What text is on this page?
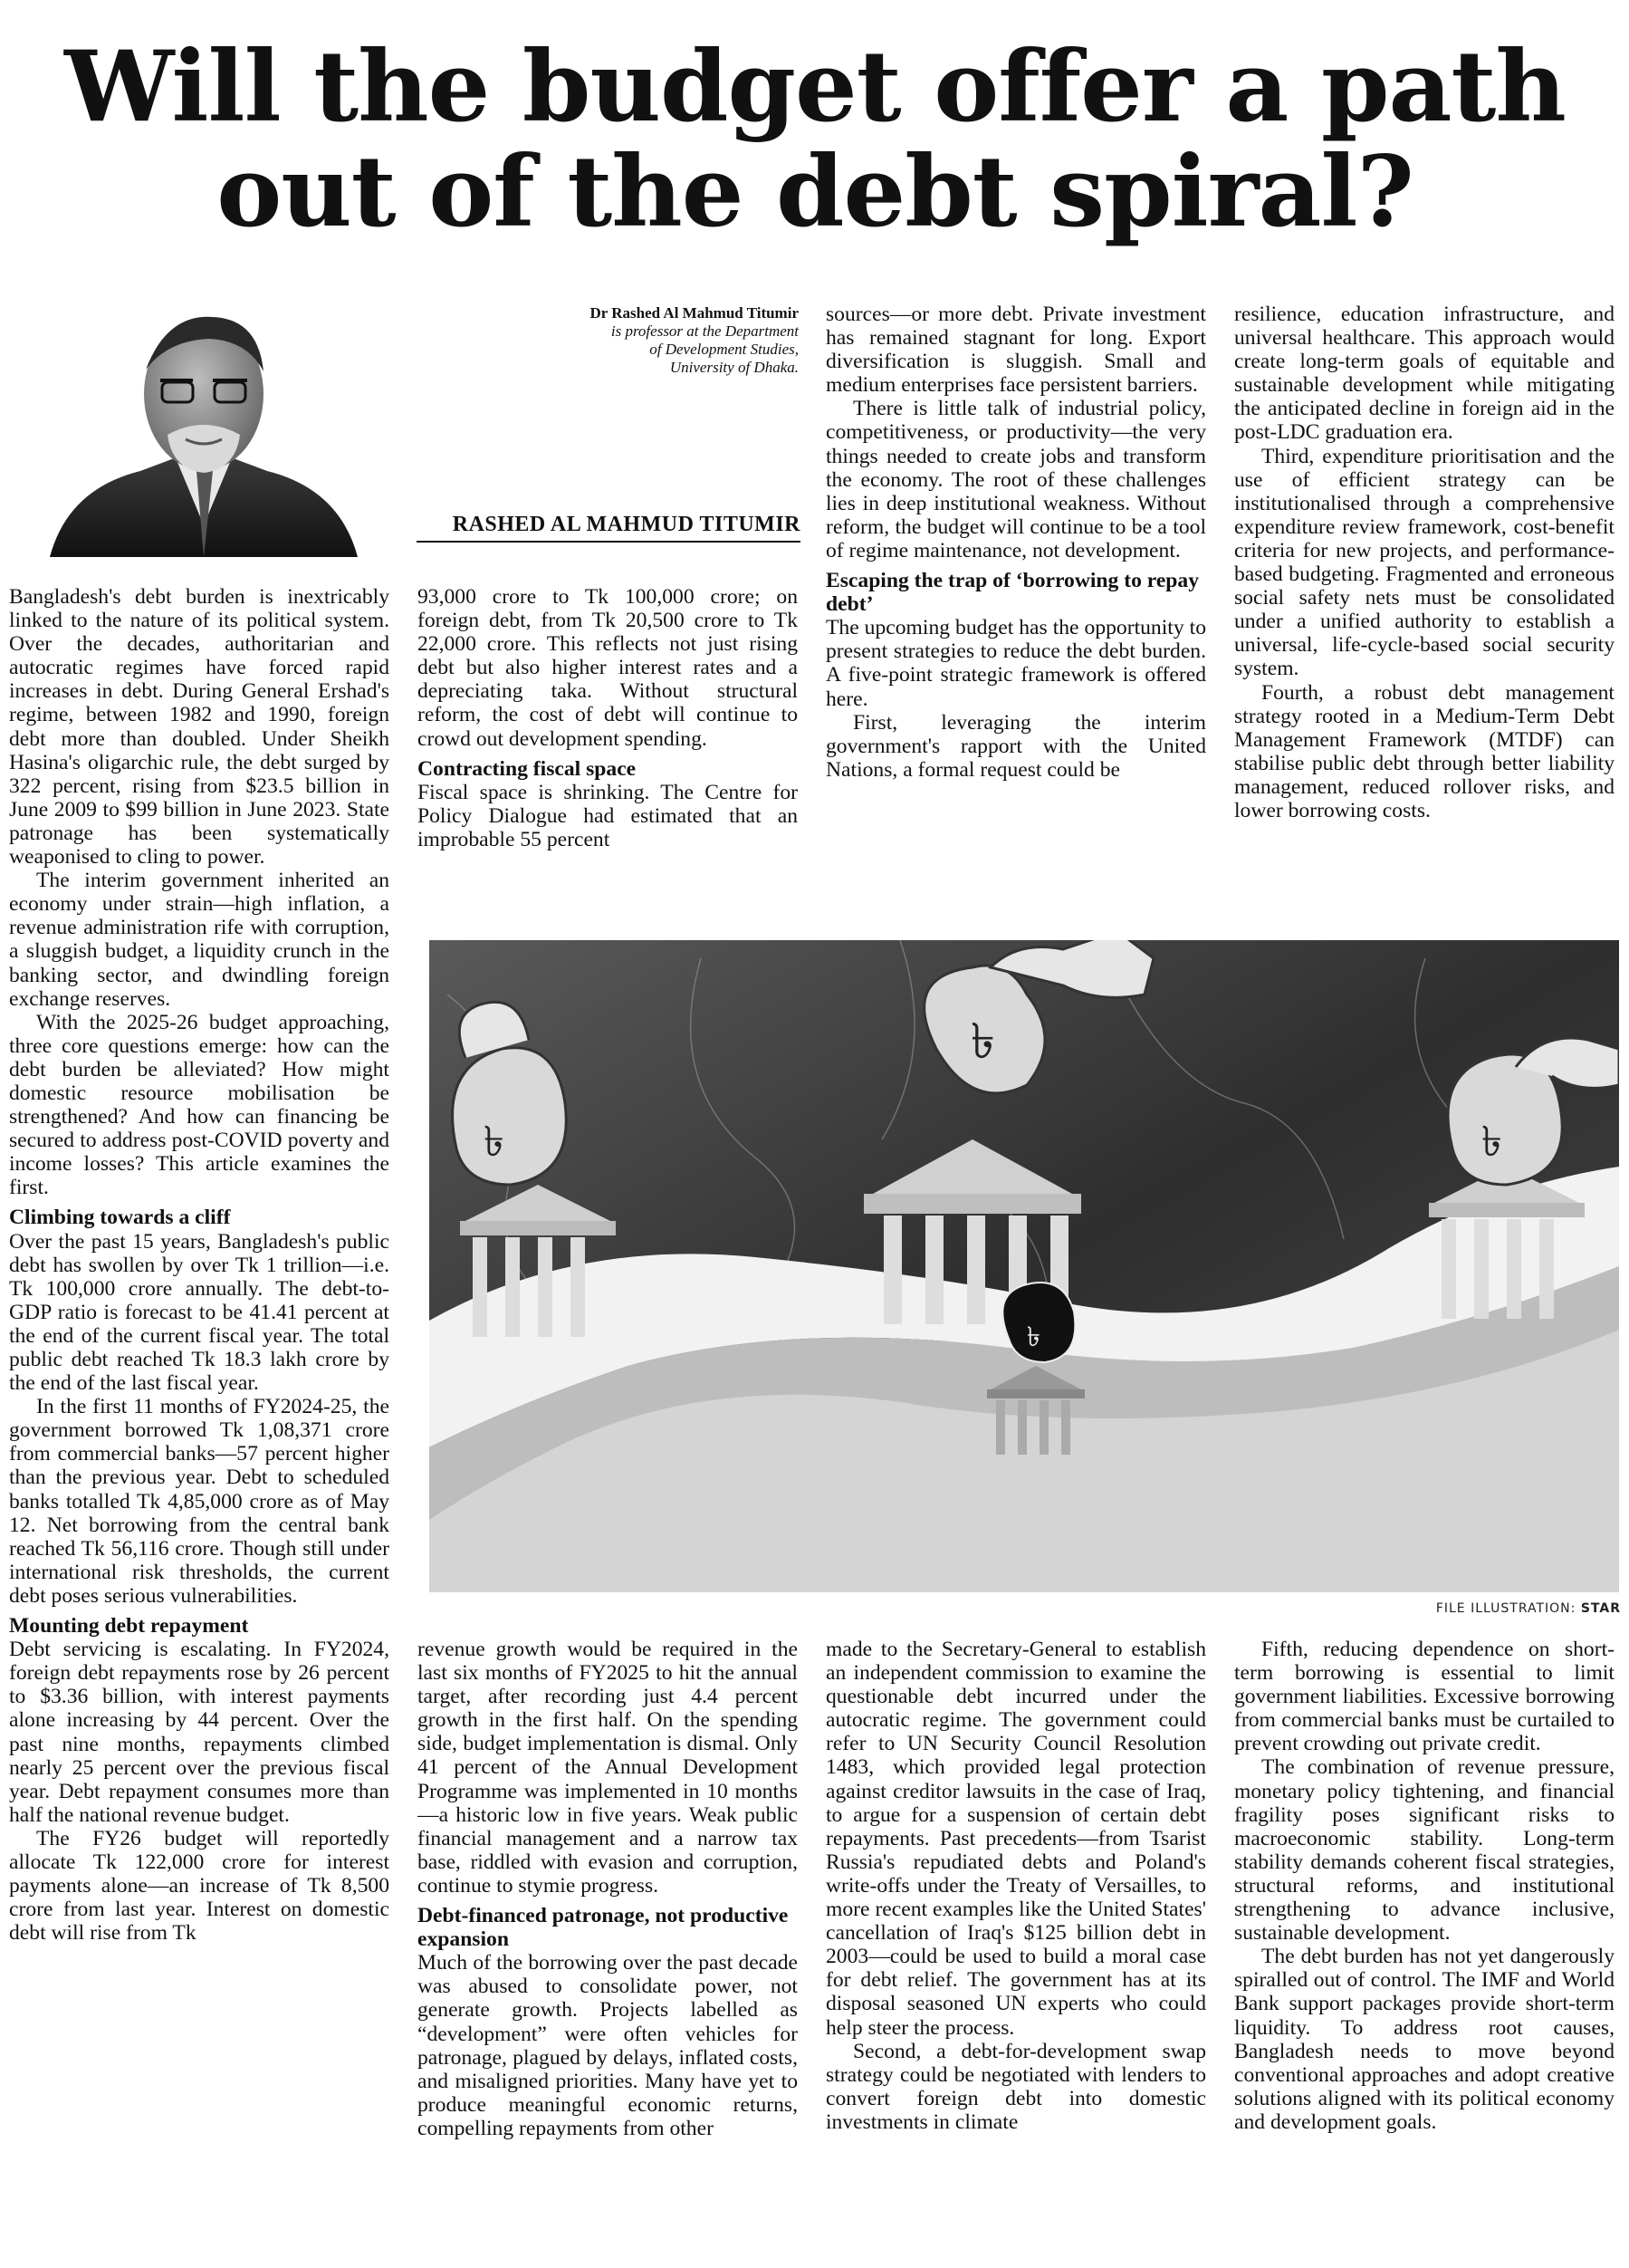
Will the budget offer a path out of the debt spiral?
Dr Rashed Al Mahmud Titumir
is professor at the Department
of Development Studies,
University of Dhaka.
RASHED AL MAHMUD TITUMIR

Bangladesh's debt burden is inextricably linked to the nature of its political system. Over the decades, authoritarian and autocratic regimes have forced rapid increases in debt. During General Ershad's regime, between 1982 and 1990, foreign debt more than doubled. Under Sheikh Hasina's oligarchic rule, the debt surged by 322 percent, rising from $23.5 billion in June 2009 to $99 billion in June 2023. State patronage has been systematically weaponised to cling to power.

The interim government inherited an economy under strain—high inflation, a revenue administration rife with corruption, a sluggish budget, a liquidity crunch in the banking sector, and dwindling foreign exchange reserves.

With the 2025-26 budget approaching, three core questions emerge: how can the debt burden be alleviated? How might domestic resource mobilisation be strengthened? And how can financing be secured to address post-COVID poverty and income losses? This article examines the first.

Climbing towards a cliff

Over the past 15 years, Bangladesh's public debt has swollen by over Tk 1 trillion—i.e. Tk 100,000 crore annually. The debt-to-GDP ratio is forecast to be 41.41 percent at the end of the current fiscal year. The total public debt reached Tk 18.3 lakh crore by the end of the last fiscal year.

In the first 11 months of FY2024-25, the government borrowed Tk 1,08,371 crore from commercial banks—57 percent higher than the previous year. Debt to scheduled banks totalled Tk 4,85,000 crore as of May 12. Net borrowing from the central bank reached Tk 56,116 crore. Though still under international risk thresholds, the current debt poses serious vulnerabilities.

Mounting debt repayment

Debt servicing is escalating. In FY2024, foreign debt repayments rose by 26 percent to $3.36 billion, with interest payments alone increasing by 44 percent. Over the past nine months, repayments climbed nearly 25 percent over the previous fiscal year. Debt repayment consumes more than half the national revenue budget.

The FY26 budget will reportedly allocate Tk 122,000 crore for interest payments alone—an increase of Tk 8,500 crore from last year. Interest on domestic debt will rise from Tk

93,000 crore to Tk 100,000 crore; on foreign debt, from Tk 20,500 crore to Tk 22,000 crore. This reflects not just rising debt but also higher interest rates and a depreciating taka. Without structural reform, the cost of debt will continue to crowd out development spending.

Contracting fiscal space

Fiscal space is shrinking. The Centre for Policy Dialogue had estimated that an improbable 55 percent

sources—or more debt. Private investment has remained stagnant for long. Export diversification is sluggish. Small and medium enterprises face persistent barriers.

There is little talk of industrial policy, competitiveness, or productivity—the very things needed to create jobs and transform the economy. The root of these challenges lies in deep institutional weakness. Without reform, the budget will continue to be a tool of regime maintenance, not development.

Escaping the trap of ‘borrowing to repay debt’

The upcoming budget has the opportunity to present strategies to reduce the debt burden. A five-point strategic framework is offered here.

First, leveraging the interim government's rapport with the United Nations, a formal request could be

resilience, education infrastructure, and universal healthcare. This approach would create long-term goals of equitable and sustainable development while mitigating the anticipated decline in foreign aid in the post-LDC graduation era.

Third, expenditure prioritisation and the use of efficient strategy can be institutionalised through a comprehensive expenditure review framework, cost-benefit criteria for new projects, and performance-based budgeting. Fragmented and erroneous social safety nets must be consolidated under a unified authority to establish a universal, life-cycle-based social security system.

Fourth, a robust debt management strategy rooted in a Medium-Term Debt Management Framework (MTDF) can stabilise public debt through better liability management, reduced rollover risks, and lower borrowing costs.

৳
৳	৳
৳
FILE ILLUSTRATION: STAR

revenue growth would be required in the last six months of FY2025 to hit the annual target, after recording just 4.4 percent growth in the first half. On the spending side, budget implementation is dismal. Only 41 percent of the Annual Development Programme was implemented in 10 months—a historic low in five years. Weak public financial management and a narrow tax base, riddled with evasion and corruption, continue to stymie progress.

Debt-financed patronage, not productive expansion

Much of the borrowing over the past decade was abused to consolidate power, not generate growth. Projects labelled as “development” were often vehicles for patronage, plagued by delays, inflated costs, and misaligned priorities. Many have yet to produce meaningful economic returns, compelling repayments from other

made to the Secretary-General to establish an independent commission to examine the questionable debt incurred under the autocratic regime. The government could refer to UN Security Council Resolution 1483, which provided legal protection against creditor lawsuits in the case of Iraq, to argue for a suspension of certain debt repayments. Past precedents—from Tsarist Russia's repudiated debts and Poland's write-offs under the Treaty of Versailles, to more recent examples like the United States' cancellation of Iraq's $125 billion debt in 2003—could be used to build a moral case for debt relief. The government has at its disposal seasoned UN experts who could help steer the process.

Second, a debt-for-development swap strategy could be negotiated with lenders to convert foreign debt into domestic investments in climate

Fifth, reducing dependence on short-term borrowing is essential to limit government liabilities. Excessive borrowing from commercial banks must be curtailed to prevent crowding out private credit.

The combination of revenue pressure, monetary policy tightening, and financial fragility poses significant risks to macroeconomic stability. Long-term stability demands coherent fiscal strategies, structural reforms, and institutional strengthening to advance inclusive, sustainable development.

The debt burden has not yet dangerously spiralled out of control. The IMF and World Bank support packages provide short-term liquidity. To address root causes, Bangladesh needs to move beyond conventional approaches and adopt creative solutions aligned with its political economy and development goals.
